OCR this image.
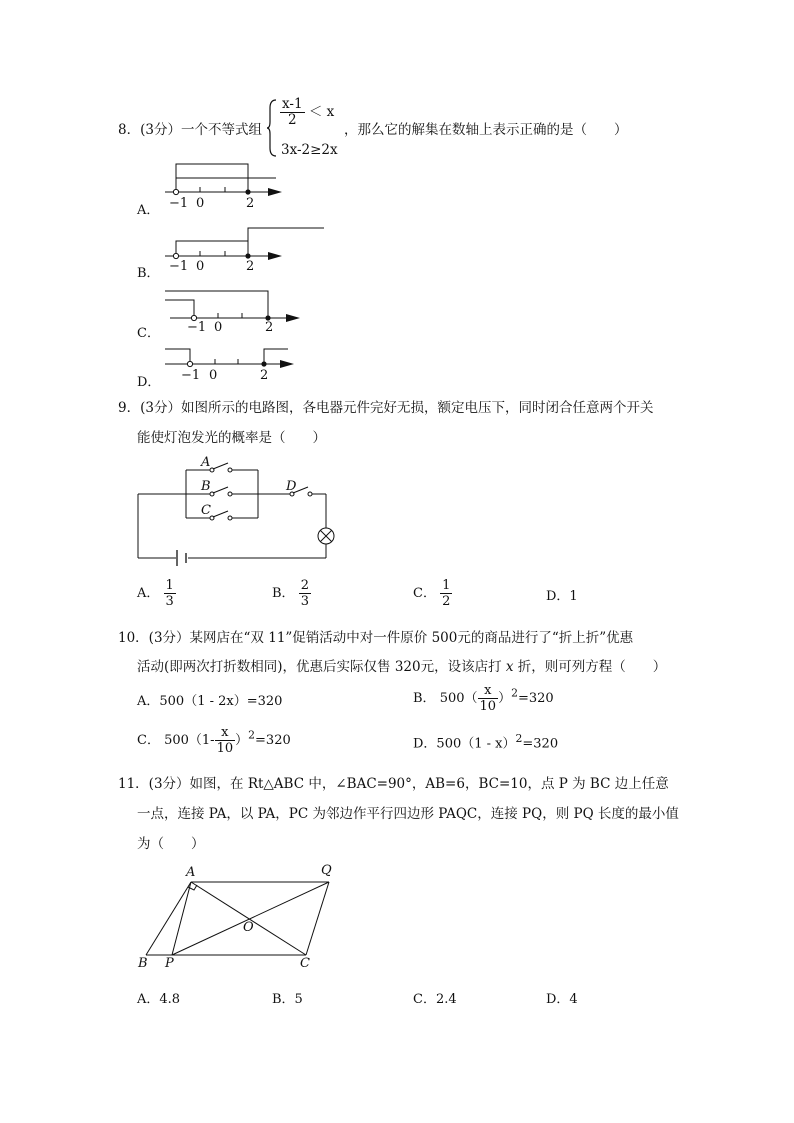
8．(3分）一个不等式组
$\frac{x-1}{2} < x$
3x-2≥2x
，那么它的解集在数轴上表示正确的是（　　）
A． −1 0	2
B． −1 0	2
C． −1 0	2
D． −1 0	2
9．(3分）如图所示的电路图，各电器元件完好无损，额定电压下，同时闭合任意两个开关
能使灯泡发光的概率是（　　）
A
B
C
D
A． $\frac{1}{3}$	B． $\frac{2}{3}$	C． $\frac{1}{2}$	D．1
10．(3分）某网店在“双 11”促销活动中对一件原价 500元的商品进行了“折上折”优惠
活动(即两次打折数相同)，优惠后实际仅售 320元，设该店打 x 折，则可列方程（　　）
A．500（1 - 2x）=320	B． $500( \frac{x}{10} )^2=320$
C． $500(1- \frac{x}{10} )^2=320$	D．500（1 - x）$^2$=320
11．(3分）如图，在 Rt△ABC 中，∠BAC=90°，AB=6，BC=10，点 P 为 BC 边上任意
一点，连接 PA，以 PA，PC 为邻边作平行四边形 PAQC，连接 PQ，则 PQ 长度的最小值
为（　　）
A	Q
O
B P	C
A．4.8	B．5	C．2.4	D．4
